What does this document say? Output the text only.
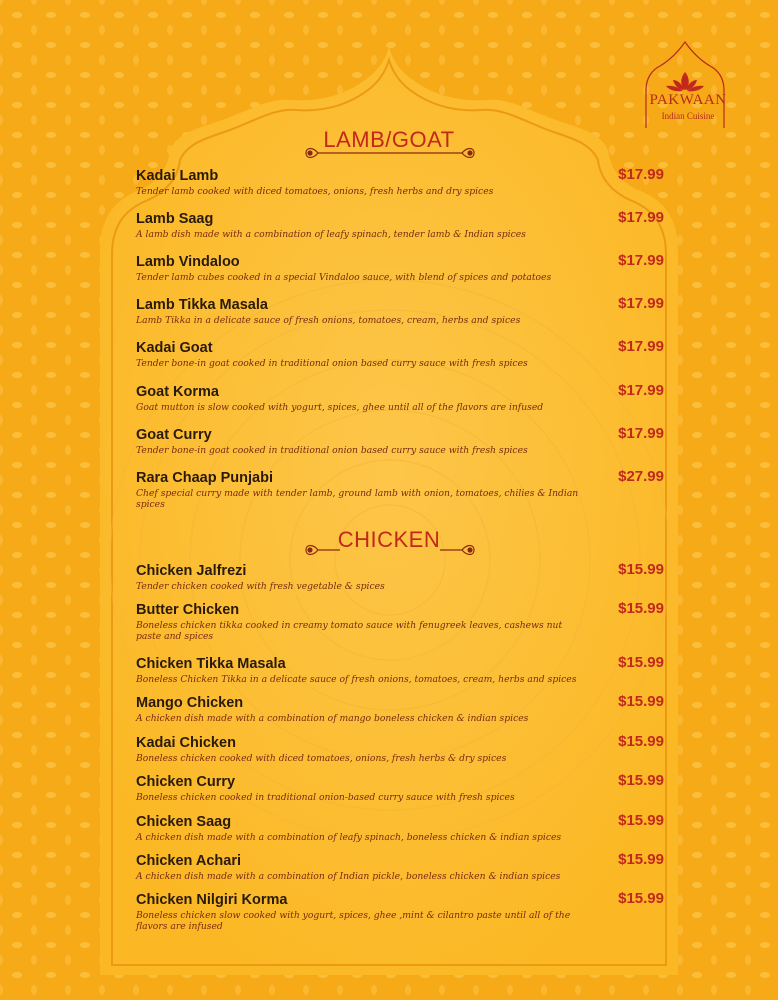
PAKWAAN
Indian Cuisine
LAMB/GOAT
Kadai Lamb
Tender lamb cooked with diced tomatoes, onions, fresh herbs and dry spices
$17.99
Lamb Saag
A lamb dish made with a combination of leafy spinach, tender lamb & Indian spices
$17.99
Lamb Vindaloo
Tender lamb cubes cooked in a special Vindaloo sauce, with blend of spices and potatoes
$17.99
Lamb Tikka Masala
Lamb Tikka in a delicate sauce of fresh onions, tomatoes, cream, herbs and spices
$17.99
Kadai Goat
Tender bone-in goat cooked in traditional onion based curry sauce with fresh spices
$17.99
Goat Korma
Goat mutton is slow cooked with yogurt, spices, ghee until all of the flavors are infused
$17.99
Goat Curry
Tender bone-in goat cooked in traditional onion based curry sauce with fresh spices
$17.99
Rara Chaap Punjabi
Chef special curry made with tender lamb, ground lamb with onion, tomatoes, chilies & Indian spices
$27.99
CHICKEN
Chicken Jalfrezi
Tender chicken cooked with fresh vegetable & spices
$15.99
Butter Chicken
Boneless chicken tikka cooked in creamy tomato sauce with fenugreek leaves, cashews nut paste and spices
$15.99
Chicken Tikka Masala
Boneless Chicken Tikka in a delicate sauce of fresh onions, tomatoes, cream, herbs and spices
$15.99
Mango Chicken
A chicken dish made with a combination of mango boneless chicken & indian spices
$15.99
Kadai Chicken
Boneless chicken cooked with diced tomatoes, onions, fresh herbs & dry spices
$15.99
Chicken Curry
Boneless chicken cooked in traditional onion-based curry sauce with fresh spices
$15.99
Chicken Saag
A chicken dish made with a combination of leafy spinach, boneless chicken & indian spices
$15.99
Chicken Achari
A chicken dish made with a combination of Indian pickle, boneless chicken & indian spices
$15.99
Chicken Nilgiri Korma
Boneless chicken slow cooked with yogurt, spices, ghee ,mint & cilantro paste until all of the flavors are infused
$15.99
